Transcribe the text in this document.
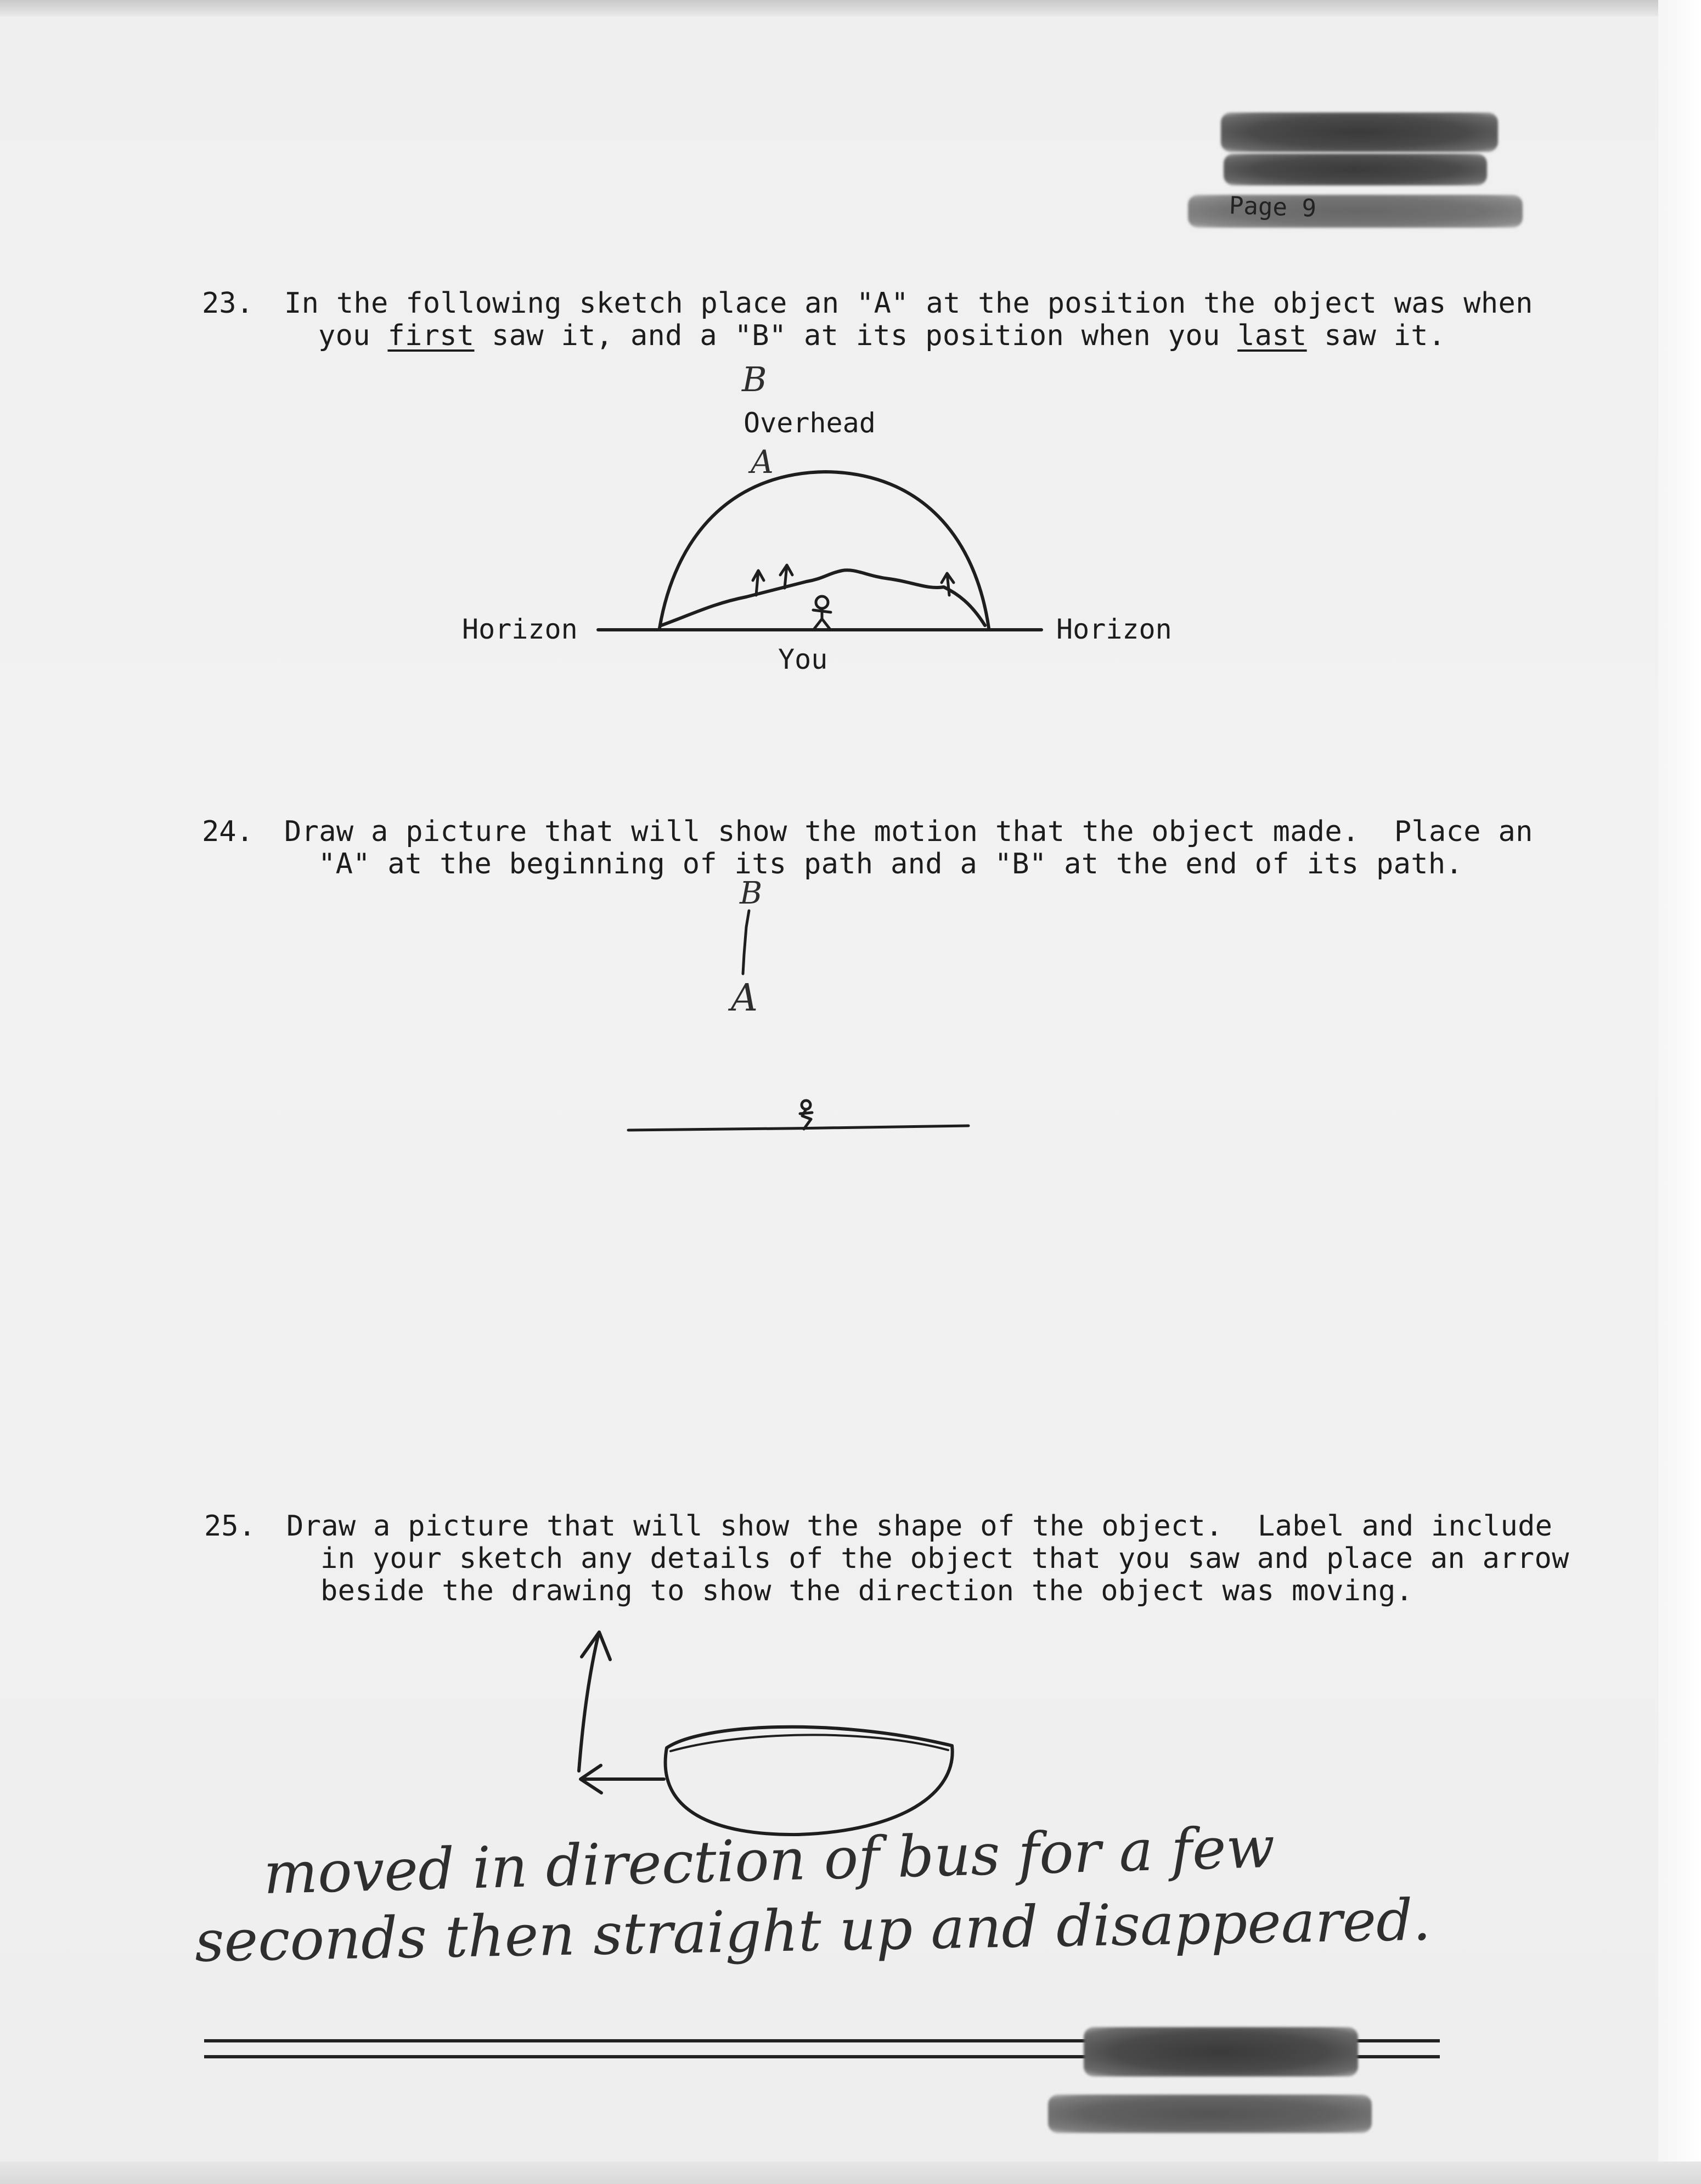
Page 9
23. In the following sketch place an "A" at the position the object was when
you first saw it, and a "B" at its position when you last saw it.
Overhead
Horizon	Horizon
You
B
A
24. Draw a picture that will show the motion that the object made.  Place an
"A" at the beginning of its path and a "B" at the end of its path.
B
A
25. Draw a picture that will show the shape of the object.  Label and include
in your sketch any details of the object that you saw and place an arrow
beside the drawing to show the direction the object was moving.
moved in direction of bus for a few
seconds then straight up and disappeared.
